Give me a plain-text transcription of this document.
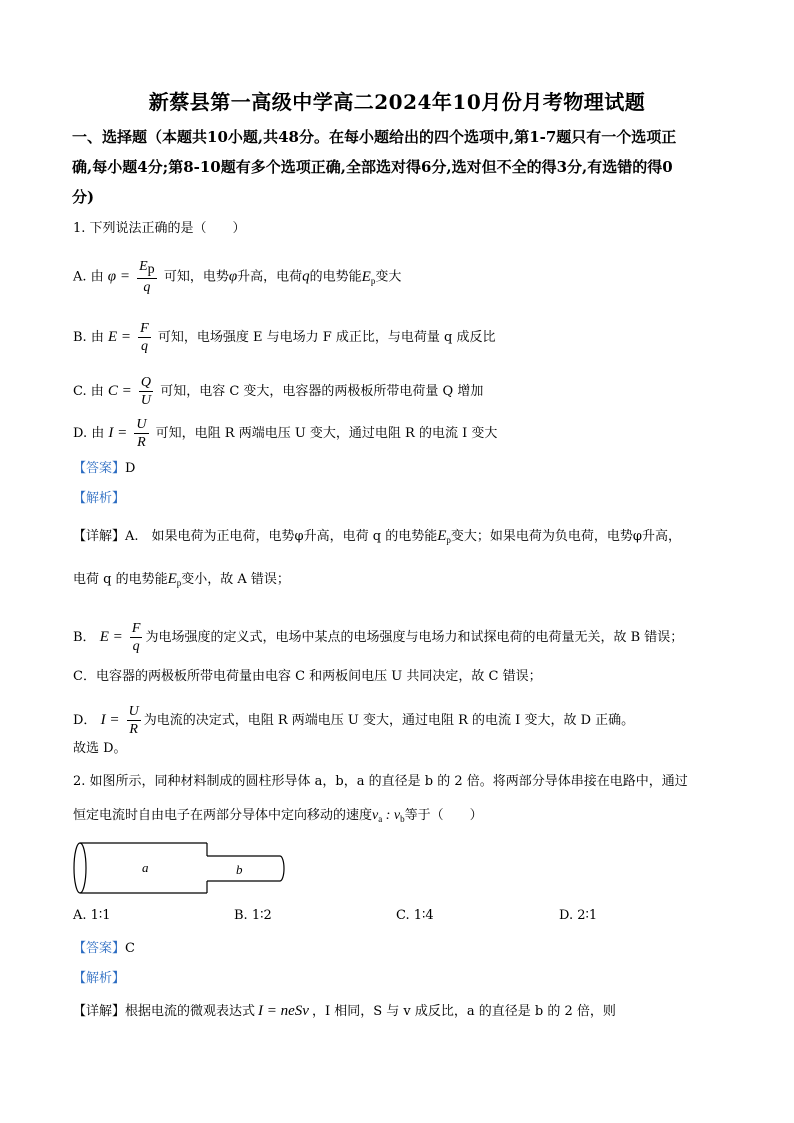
新蔡县第一高级中学高二2024年10月份月考物理试题
一、选择题（本题共10小题,共48分。在每小题给出的四个选项中,第1-7题只有一个选项正
确,每小题4分;第8-10题有多个选项正确,全部选对得6分,选对但不全的得3分,有选错的得0
分)
1. 下列说法正确的是（　　）
A. 由 $\varphi = \frac{Ep}{q}$ 可知，电势φ升高，电荷q的电势能$E_p$变大
B. 由 $E = \frac{F}{q}$ 可知，电场强度 E 与电场力 F 成正比，与电荷量 q 成反比
C. 由 $C = \frac{Q}{U}$ 可知，电容 C 变大，电容器的两极板所带电荷量 Q 增加
D. 由 $I = \frac{U}{R}$ 可知，电阻 R 两端电压 U 变大，通过电阻 R 的电流 I 变大
【答案】D
【解析】
【详解】A.　如果电荷为正电荷，电势φ升高，电荷 q 的电势能$E_p$变大；如果电荷为负电荷，电势φ升高，
电荷 q 的电势能$E_p$变小，故 A 错误；
B． $E = \frac{F}{q}$ 为电场强度的定义式，电场中某点的电场强度与电场力和试探电荷的电荷量无关，故 B 错误；
C．电容器的两极板所带电荷量由电容 C 和两板间电压 U 共同决定，故 C 错误；
D． $I = \frac{U}{R}$ 为电流的决定式，电阻 R 两端电压 U 变大，通过电阻 R 的电流 I 变大，故 D 正确。
故选 D。
2. 如图所示，同种材料制成的圆柱形导体 a，b，a 的直径是 b 的 2 倍。将两部分导体串接在电路中，通过
恒定电流时自由电子在两部分导体中定向移动的速度$v_a$ : $v_b$等于（　　）
a	b
A. 1∶1	B. 1∶2	C. 1∶4	D. 2∶1
【答案】C
【解析】
【详解】根据电流的微观表达式 I = neSv ，I 相同，S 与 v 成反比，a 的直径是 b 的 2 倍，则
